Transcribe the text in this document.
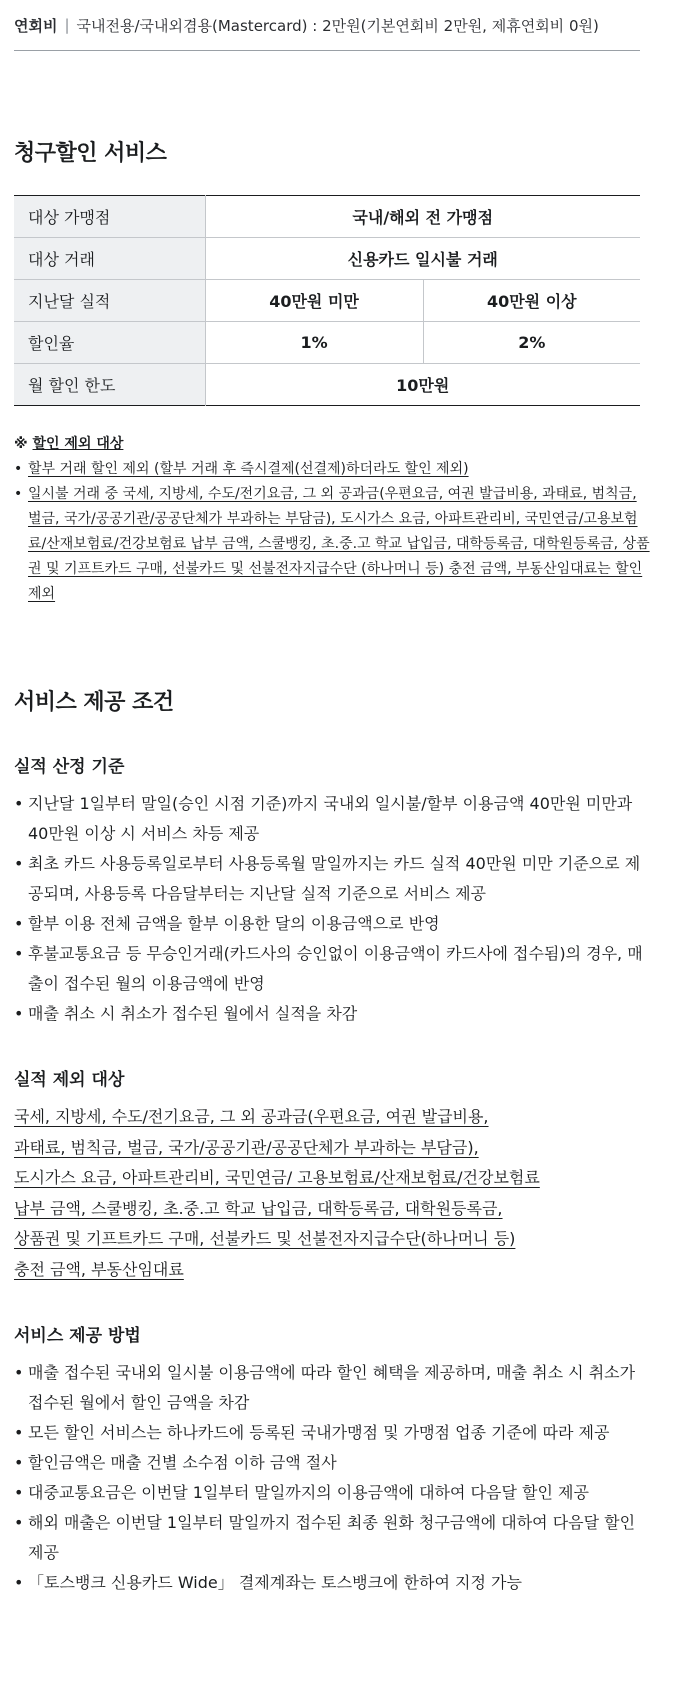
연회비 | 국내전용/국내외겸용(Mastercard) : 2만원(기본연회비 2만원, 제휴연회비 0원)
청구할인 서비스
대상 가맹점	국내/해외 전 가맹점	
대상 거래	신용카드 일시불 거래	
지난달 실적	40만원 미만	40만원 이상
할인율	1%	2%
월 할인 한도	10만원	
※ 할인 제외 대상
• 할부 거래 할인 제외 (할부 거래 후 즉시결제(선결제)하더라도 할인 제외)
• 일시불 거래 중 국세, 지방세, 수도/전기요금, 그 외 공과금(우편요금, 여권 발급비용, 과태료, 범칙금, 벌금, 국가/공공기관/공공단체가 부과하는 부담금), 도시가스 요금, 아파트관리비, 국민연금/고용보험료/산재보험료/건강보험료 납부 금액, 스쿨뱅킹, 초.중.고 학교 납입금, 대학등록금, 대학원등록금, 상품권 및 기프트카드 구매, 선불카드 및 선불전자지급수단 (하나머니 등) 충전 금액, 부동산임대료는 할인 제외
서비스 제공 조건
실적 산정 기준
• 지난달 1일부터 말일(승인 시점 기준)까지 국내외 일시불/할부 이용금액 40만원 미만과 40만원 이상 시 서비스 차등 제공
• 최초 카드 사용등록일로부터 사용등록월 말일까지는 카드 실적 40만원 미만 기준으로 제공되며, 사용등록 다음달부터는 지난달 실적 기준으로 서비스 제공
• 할부 이용 전체 금액을 할부 이용한 달의 이용금액으로 반영
• 후불교통요금 등 무승인거래(카드사의 승인없이 이용금액이 카드사에 접수됨)의 경우, 매출이 접수된 월의 이용금액에 반영
• 매출 취소 시 취소가 접수된 월에서 실적을 차감
실적 제외 대상
국세, 지방세, 수도/전기요금, 그 외 공과금(우편요금, 여권 발급비용,
과태료, 범칙금, 벌금, 국가/공공기관/공공단체가 부과하는 부담금),
도시가스 요금, 아파트관리비, 국민연금/ 고용보험료/산재보험료/건강보험료
납부 금액, 스쿨뱅킹, 초.중.고 학교 납입금, 대학등록금, 대학원등록금,
상품권 및 기프트카드 구매, 선불카드 및 선불전자지급수단(하나머니 등)
충전 금액, 부동산임대료
서비스 제공 방법
• 매출 접수된 국내외 일시불 이용금액에 따라 할인 혜택을 제공하며, 매출 취소 시 취소가 접수된 월에서 할인 금액을 차감
• 모든 할인 서비스는 하나카드에 등록된 국내가맹점 및 가맹점 업종 기준에 따라 제공
• 할인금액은 매출 건별 소수점 이하 금액 절사
• 대중교통요금은 이번달 1일부터 말일까지의 이용금액에 대하여 다음달 할인 제공
• 해외 매출은 이번달 1일부터 말일까지 접수된 최종 원화 청구금액에 대하여 다음달 할인 제공
• 「토스뱅크 신용카드 Wide」 결제계좌는 토스뱅크에 한하여 지정 가능
